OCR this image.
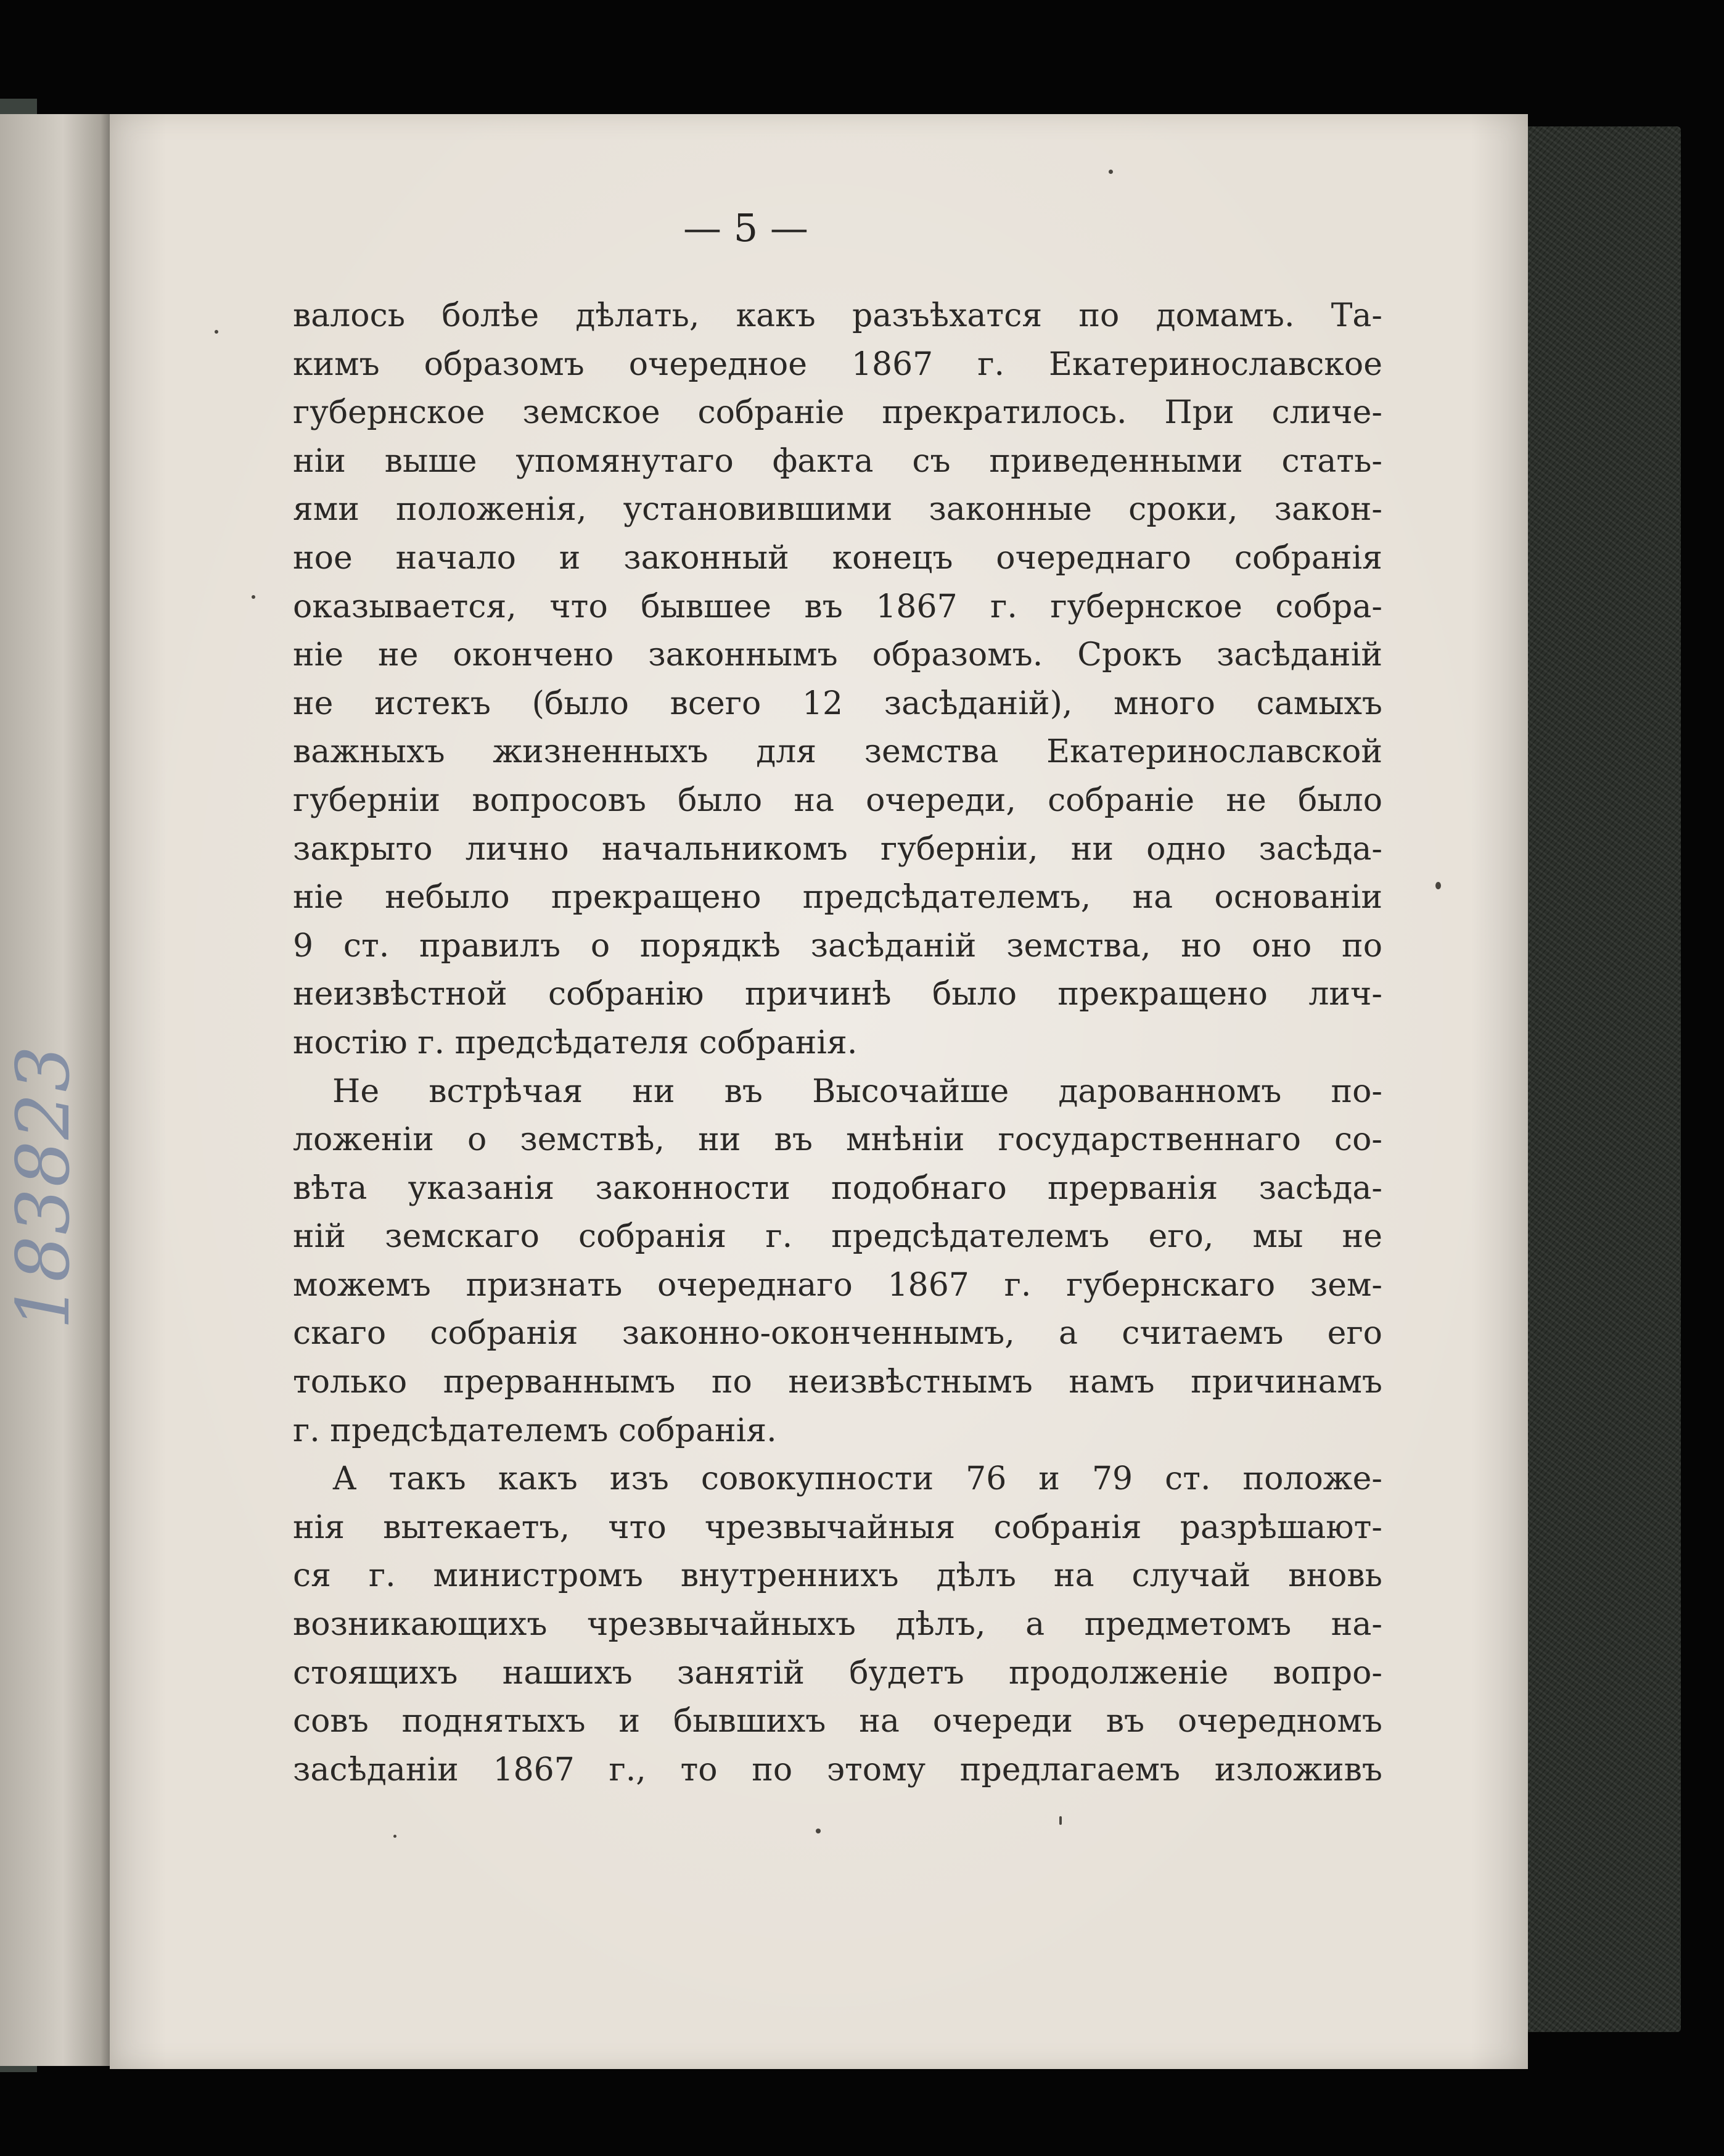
183823
— 5 —
валось болѣе дѣлать, какъ разъѣхатся по домамъ. Та-
кимъ образомъ очередное 1867 г. Екатеринославское
губернское земское собраніе прекратилось. При сличе-
ніи выше упомянутаго фактa съ приведенными стать-
ями положенія, установившими законные сроки, закон-
ное начало и законный конецъ очереднаго собранія
оказывается, что бывшее въ 1867 г. губернское собра-
ніе не окончено законнымъ образомъ. Срокъ засѣданій
не истекъ (было всего 12 засѣданій), много самыхъ
важныхъ жизненныхъ для земства Екатеринославской
губерніи вопросовъ было на очереди, собраніе не было
закрыто лично начальникомъ губерніи, ни одно засѣда-
ніе небыло прекращено предсѣдателемъ, на основаніи
9 ст. правилъ о порядкѣ засѣданій земства, но оно по
неизвѣстной собранію причинѣ было прекращено лич-
ностію г. предсѣдателя собранія.
Не встрѣчая ни въ Высочайше дарованномъ по-
ложеніи о земствѣ, ни въ мнѣніи государственнаго со-
вѣта указанія законности подобнаго прерванія засѣда-
ній земскаго собранія г. предсѣдателемъ его, мы не
можемъ признать очереднаго 1867 г. губернскаго зем-
скаго собранія законно-оконченнымъ, а считаемъ его
только прерваннымъ по неизвѣстнымъ намъ причинамъ
г. предсѣдателемъ собранія.
А такъ какъ изъ совокупности 76 и 79 ст. положе-
нія вытекаетъ, что чрезвычайныя собранія разрѣшают-
ся г. министромъ внутреннихъ дѣлъ на случай вновь
возникающихъ чрезвычайныхъ дѣлъ, а предметомъ на-
стоящихъ нашихъ занятій будетъ продолженіе вопро-
совъ поднятыхъ и бывшихъ на очереди въ очередномъ
засѣданіи 1867 г., то по этому предлагаемъ изложивъ
